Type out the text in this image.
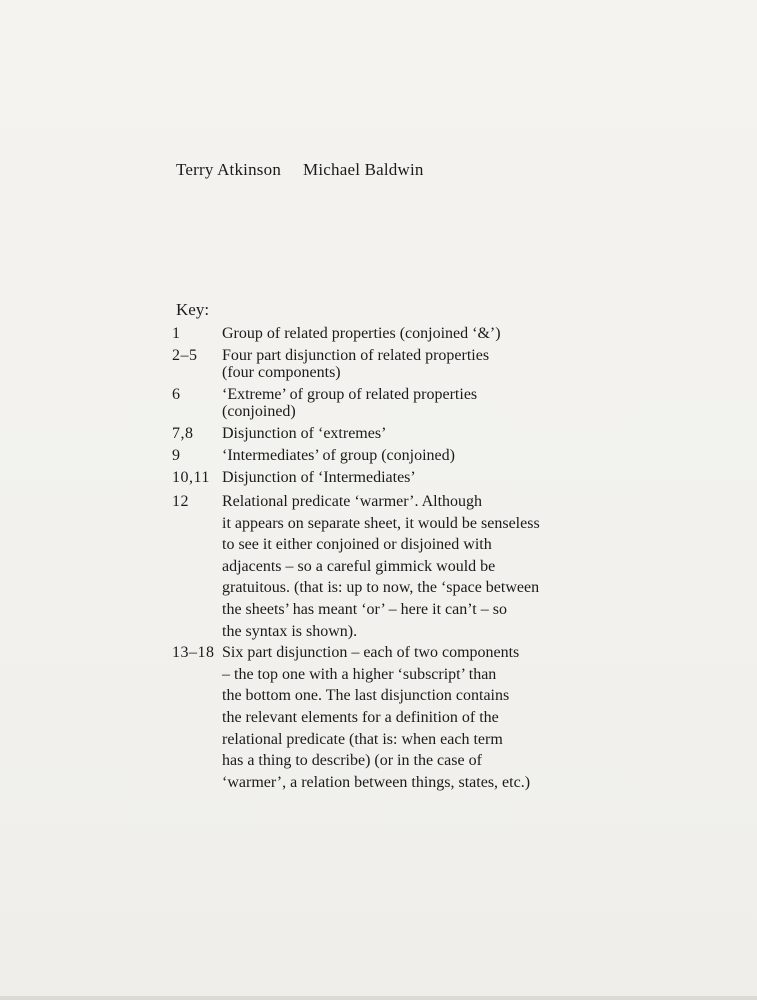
Terry Atkinson Michael Baldwin
Key:
1	Group of related properties (conjoined ‘&’)
2–5	Four part disjunction of related properties
(four components)
6	‘Extreme’ of group of related properties
(conjoined)
7,8	Disjunction of ‘extremes’
9	‘Intermediates’ of group (conjoined)
10,11 Disjunction of ‘Intermediates’
12	Relational predicate ‘warmer’. Although
it appears on separate sheet, it would be senseless
to see it either conjoined or disjoined with
adjacents – so a careful gimmick would be
gratuitous. (that is: up to now, the ‘space between
the sheets’ has meant ‘or’ – here it can’t – so
the syntax is shown).
13–18 Six part disjunction – each of two components
– the top one with a higher ‘subscript’ than
the bottom one. The last disjunction contains
the relevant elements for a definition of the
relational predicate (that is: when each term
has a thing to describe) (or in the case of
‘warmer’, a relation between things, states, etc.)
